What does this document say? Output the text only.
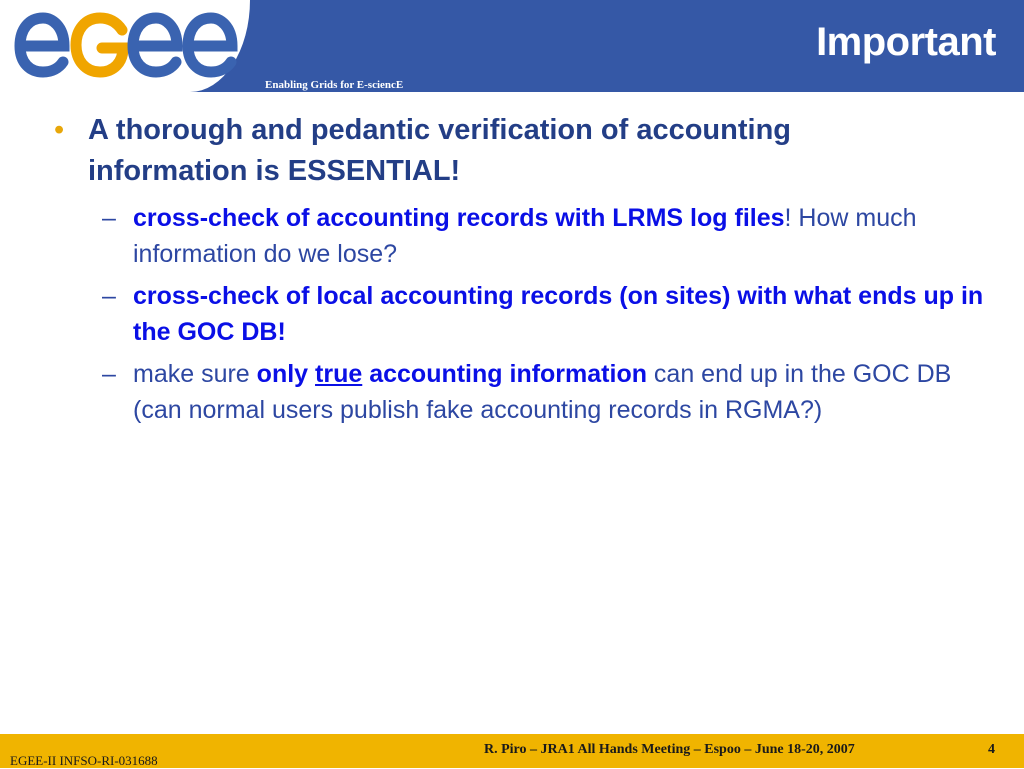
Enabling Grids for E-sciencE
Important
• A thorough and pedantic verification of accounting information is ESSENTIAL!
– cross-check of accounting records with LRMS log files! How much information do we lose?
– cross-check of local accounting records (on sites) with what ends up in the GOC DB!
– make sure only true accounting information can end up in the GOC DB (can normal users publish fake accounting records in RGMA?)
EGEE-II INFSO-RI-031688
R. Piro – JRA1 All Hands Meeting – Espoo – June 18-20, 2007	4
